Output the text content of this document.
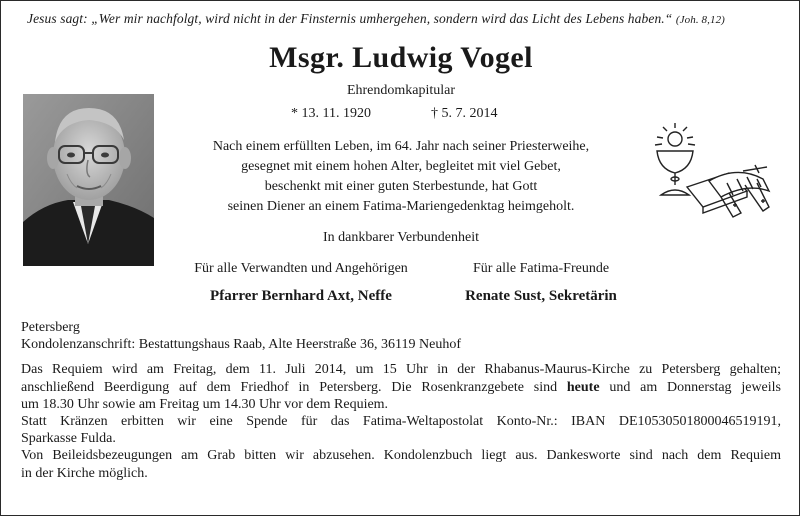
Jesus sagt: „Wer mir nachfolgt, wird nicht in der Finsternis umhergehen, sondern wird das Licht des Lebens haben.“ (Joh. 8,12)
Msgr. Ludwig Vogel
Ehrendomkapitular
* 13. 11. 1920	† 5. 7. 2014
Nach einem erfüllten Leben, im 64. Jahr nach seiner Priesterweihe,
gesegnet mit einem hohen Alter, begleitet mit viel Gebet,
beschenkt mit einer guten Sterbestunde, hat Gott
seinen Diener an einem Fatima-Mariengedenktag heimgeholt.
In dankbarer Verbundenheit
Für alle Verwandten und Angehörigen	Für alle Fatima-Freunde
Pfarrer Bernhard Axt, Neffe	Renate Sust, Sekretärin

Petersberg

Kondolenzanschrift: Bestattungshaus Raab, Alte Heerstraße 36, 36119 Neuhof

Das Requiem wird am Freitag, dem 11. Juli 2014, um 15 Uhr in der Rhabanus-Maurus-Kirche zu Petersberg gehalten;

anschließend Beerdigung auf dem Friedhof in Petersberg. Die Rosenkranzgebete sind heute und am Donnerstag jeweils

um 18.30 Uhr sowie am Freitag um 14.30 Uhr vor dem Requiem.

Statt Kränzen erbitten wir eine Spende für das Fatima-Weltapostolat Konto-Nr.: IBAN DE10530501800046519191,

Sparkasse Fulda.

Von Beileidsbezeugungen am Grab bitten wir abzusehen. Kondolenzbuch liegt aus. Dankesworte sind nach dem Requiem

in der Kirche möglich.
